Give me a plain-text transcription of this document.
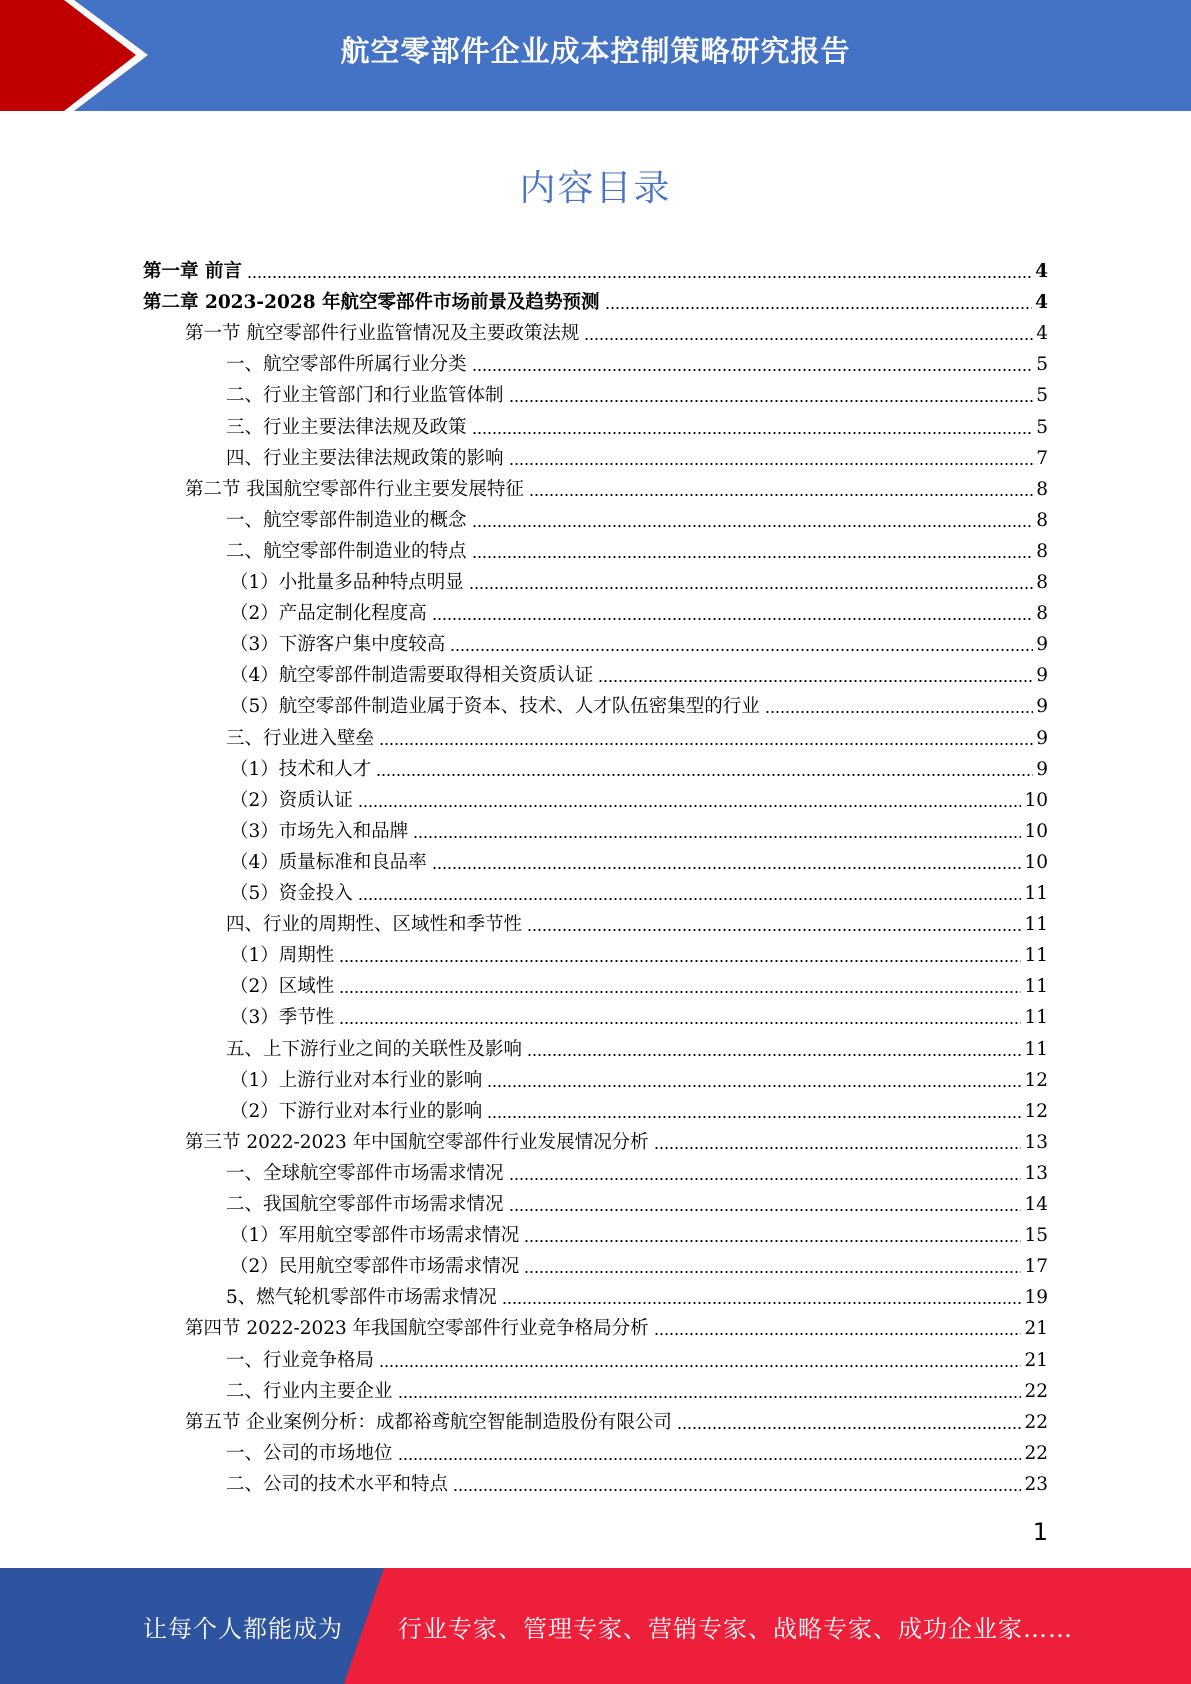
航空零部件企业成本控制策略研究报告
内容目录
第一章 前言	4
第二章 2023-2028 年航空零部件市场前景及趋势预测	4
第一节 航空零部件行业监管情况及主要政策法规	4
一、航空零部件所属行业分类	5
二、行业主管部门和行业监管体制	5
三、行业主要法律法规及政策	5
四、行业主要法律法规政策的影响	7
第二节 我国航空零部件行业主要发展特征	8
一、航空零部件制造业的概念	8
二、航空零部件制造业的特点	8
（1）小批量多品种特点明显	8
（2）产品定制化程度高	8
（3）下游客户集中度较高	9
（4）航空零部件制造需要取得相关资质认证	9
（5）航空零部件制造业属于资本、技术、人才队伍密集型的行业	9
三、行业进入壁垒	9
（1）技术和人才	9
（2）资质认证	10
（3）市场先入和品牌	10
（4）质量标准和良品率	10
（5）资金投入	11
四、行业的周期性、区域性和季节性	11
（1）周期性	11
（2）区域性	11
（3）季节性	11
五、上下游行业之间的关联性及影响	11
（1）上游行业对本行业的影响	12
（2）下游行业对本行业的影响	12
第三节 2022-2023 年中国航空零部件行业发展情况分析	13
一、全球航空零部件市场需求情况	13
二、我国航空零部件市场需求情况	14
（1）军用航空零部件市场需求情况	15
（2）民用航空零部件市场需求情况	17
5、燃气轮机零部件市场需求情况	19
第四节 2022-2023 年我国航空零部件行业竞争格局分析	21
一、行业竞争格局	21
二、行业内主要企业	22
第五节 企业案例分析：成都裕鸢航空智能制造股份有限公司	22
一、公司的市场地位	22
二、公司的技术水平和特点	23
1
让每个人都能成为 行业专家、管理专家、营销专家、战略专家、成功企业家……
